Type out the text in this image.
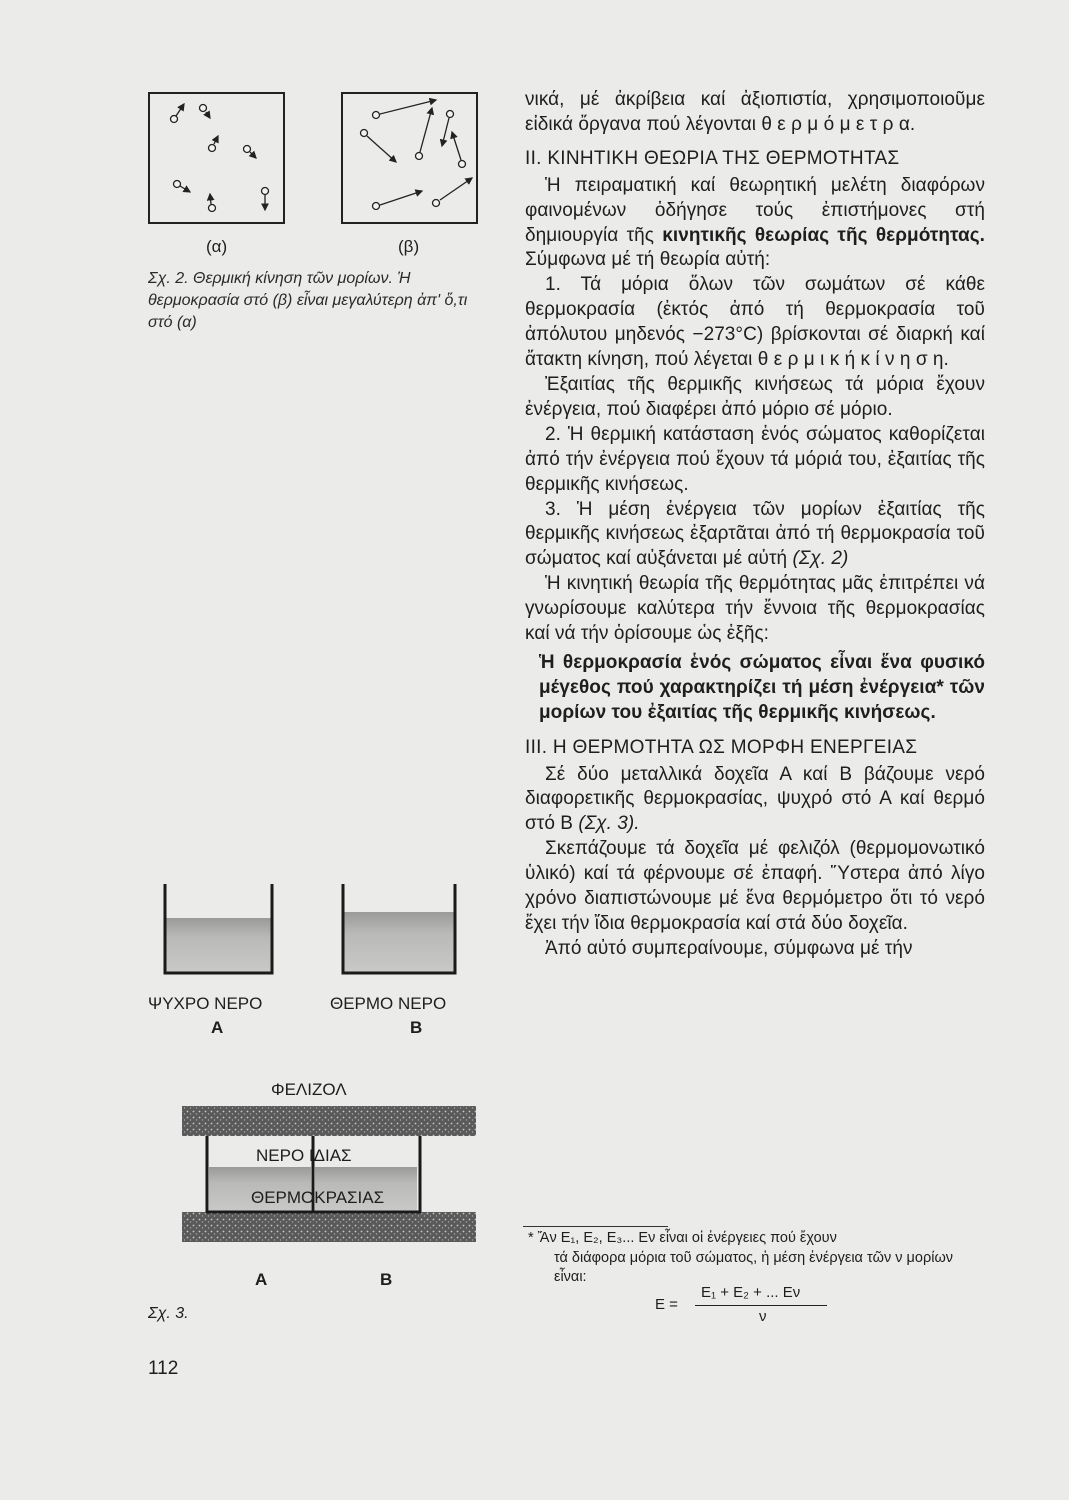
(α)	(β)
Σχ. 2. Θερμική κίνηση τῶν μορίων. Ἡ θερμοκρασία στό (β) εἶναι μεγαλύτερη ἀπ' ὅ,τι στό (α)
ΨΥΧΡΟ ΝΕΡΟ	ΘΕΡΜΟ ΝΕΡΟ
Α	Β
ΦΕΛΙΖΟΛ
ΝΕΡΟ ΙΔΙΑΣ
ΘΕΡΜΟΚΡΑΣΙΑΣ
Α	Β
Σχ. 3.
112

νικά, μέ ἀκρίβεια καί ἀξιοπιστία, χρησιμοποιοῦμε εἰδικά ὄργανα πού λέγονται θ ε ρ μ ό μ ε τ ρ α.

ΙΙ. ΚΙΝΗΤΙΚΗ ΘΕΩΡΙΑ ΤΗΣ ΘΕΡΜΟΤΗΤΑΣ

Ἡ πειραματική καί θεωρητική μελέτη διαφόρων φαινομένων ὁδήγησε τούς ἐπιστήμονες στή δημιουργία τῆς κινητικῆς θεωρίας τῆς θερμότητας. Σύμφωνα μέ τή θεωρία αὐτή:

1. Τά μόρια ὅλων τῶν σωμάτων σέ κάθε θερμοκρασία (ἐκτός ἀπό τή θερμοκρασία τοῦ ἀπόλυτου μηδενός −273°C) βρίσκονται σέ διαρκή καί ἄτακτη κίνηση, πού λέγεται θ ε ρ μ ι κ ή κ ί ν η σ η.

Ἐξαιτίας τῆς θερμικῆς κινήσεως τά μόρια ἔχουν ἐνέργεια, πού διαφέρει ἀπό μόριο σέ μόριο.

2. Ἡ θερμική κατάσταση ἑνός σώματος καθορίζεται ἀπό τήν ἐνέργεια πού ἔχουν τά μόριά του, ἐξαιτίας τῆς θερμικῆς κινήσεως.

3. Ἡ μέση ἐνέργεια τῶν μορίων ἐξαιτίας τῆς θερμικῆς κινήσεως ἐξαρτᾶται ἀπό τή θερμοκρασία τοῦ σώματος καί αὐξάνεται μέ αὐτή (Σχ. 2)

Ἡ κινητική θεωρία τῆς θερμότητας μᾶς ἐπιτρέπει νά γνωρίσουμε καλύτερα τήν ἔννοια τῆς θερμοκρασίας καί νά τήν ὁρίσουμε ὡς ἑξῆς:

Ἡ θερμοκρασία ἑνός σώματος εἶναι ἕνα φυσικό μέγεθος πού χαρακτηρίζει τή μέση ἐνέργεια* τῶν μορίων του ἐξαιτίας τῆς θερμικῆς κινήσεως.

ΙΙΙ. Η ΘΕΡΜΟΤΗΤΑ ΩΣ ΜΟΡΦΗ ΕΝΕΡΓΕΙΑΣ

Σέ δύο μεταλλικά δοχεῖα Α καί Β βάζουμε νερό διαφορετικῆς θερμοκρασίας, ψυχρό στό Α καί θερμό στό Β (Σχ. 3).

Σκεπάζουμε τά δοχεῖα μέ φελιζόλ (θερμομονωτικό ὑλικό) καί τά φέρνουμε σέ ἐπαφή. Ὕστερα ἀπό λίγο χρόνο διαπιστώνουμε μέ ἕνα θερμόμετρο ὅτι τό νερό ἔχει τήν ἴδια θερμοκρασία καί στά δύο δοχεῖα.

Ἀπό αὐτό συμπεραίνουμε, σύμφωνα μέ τήν

* Ἄν Ε₁, Ε₂, Ε₃... Εν εἶναι οἱ ἐνέργειες πού ἔχουν
τά διάφορα μόρια τοῦ σώματος, ἡ μέση ἐνέργεια τῶν ν μορίων εἶναι:
Ε =
Ε₁ + Ε₂ + ... Εν
ν
